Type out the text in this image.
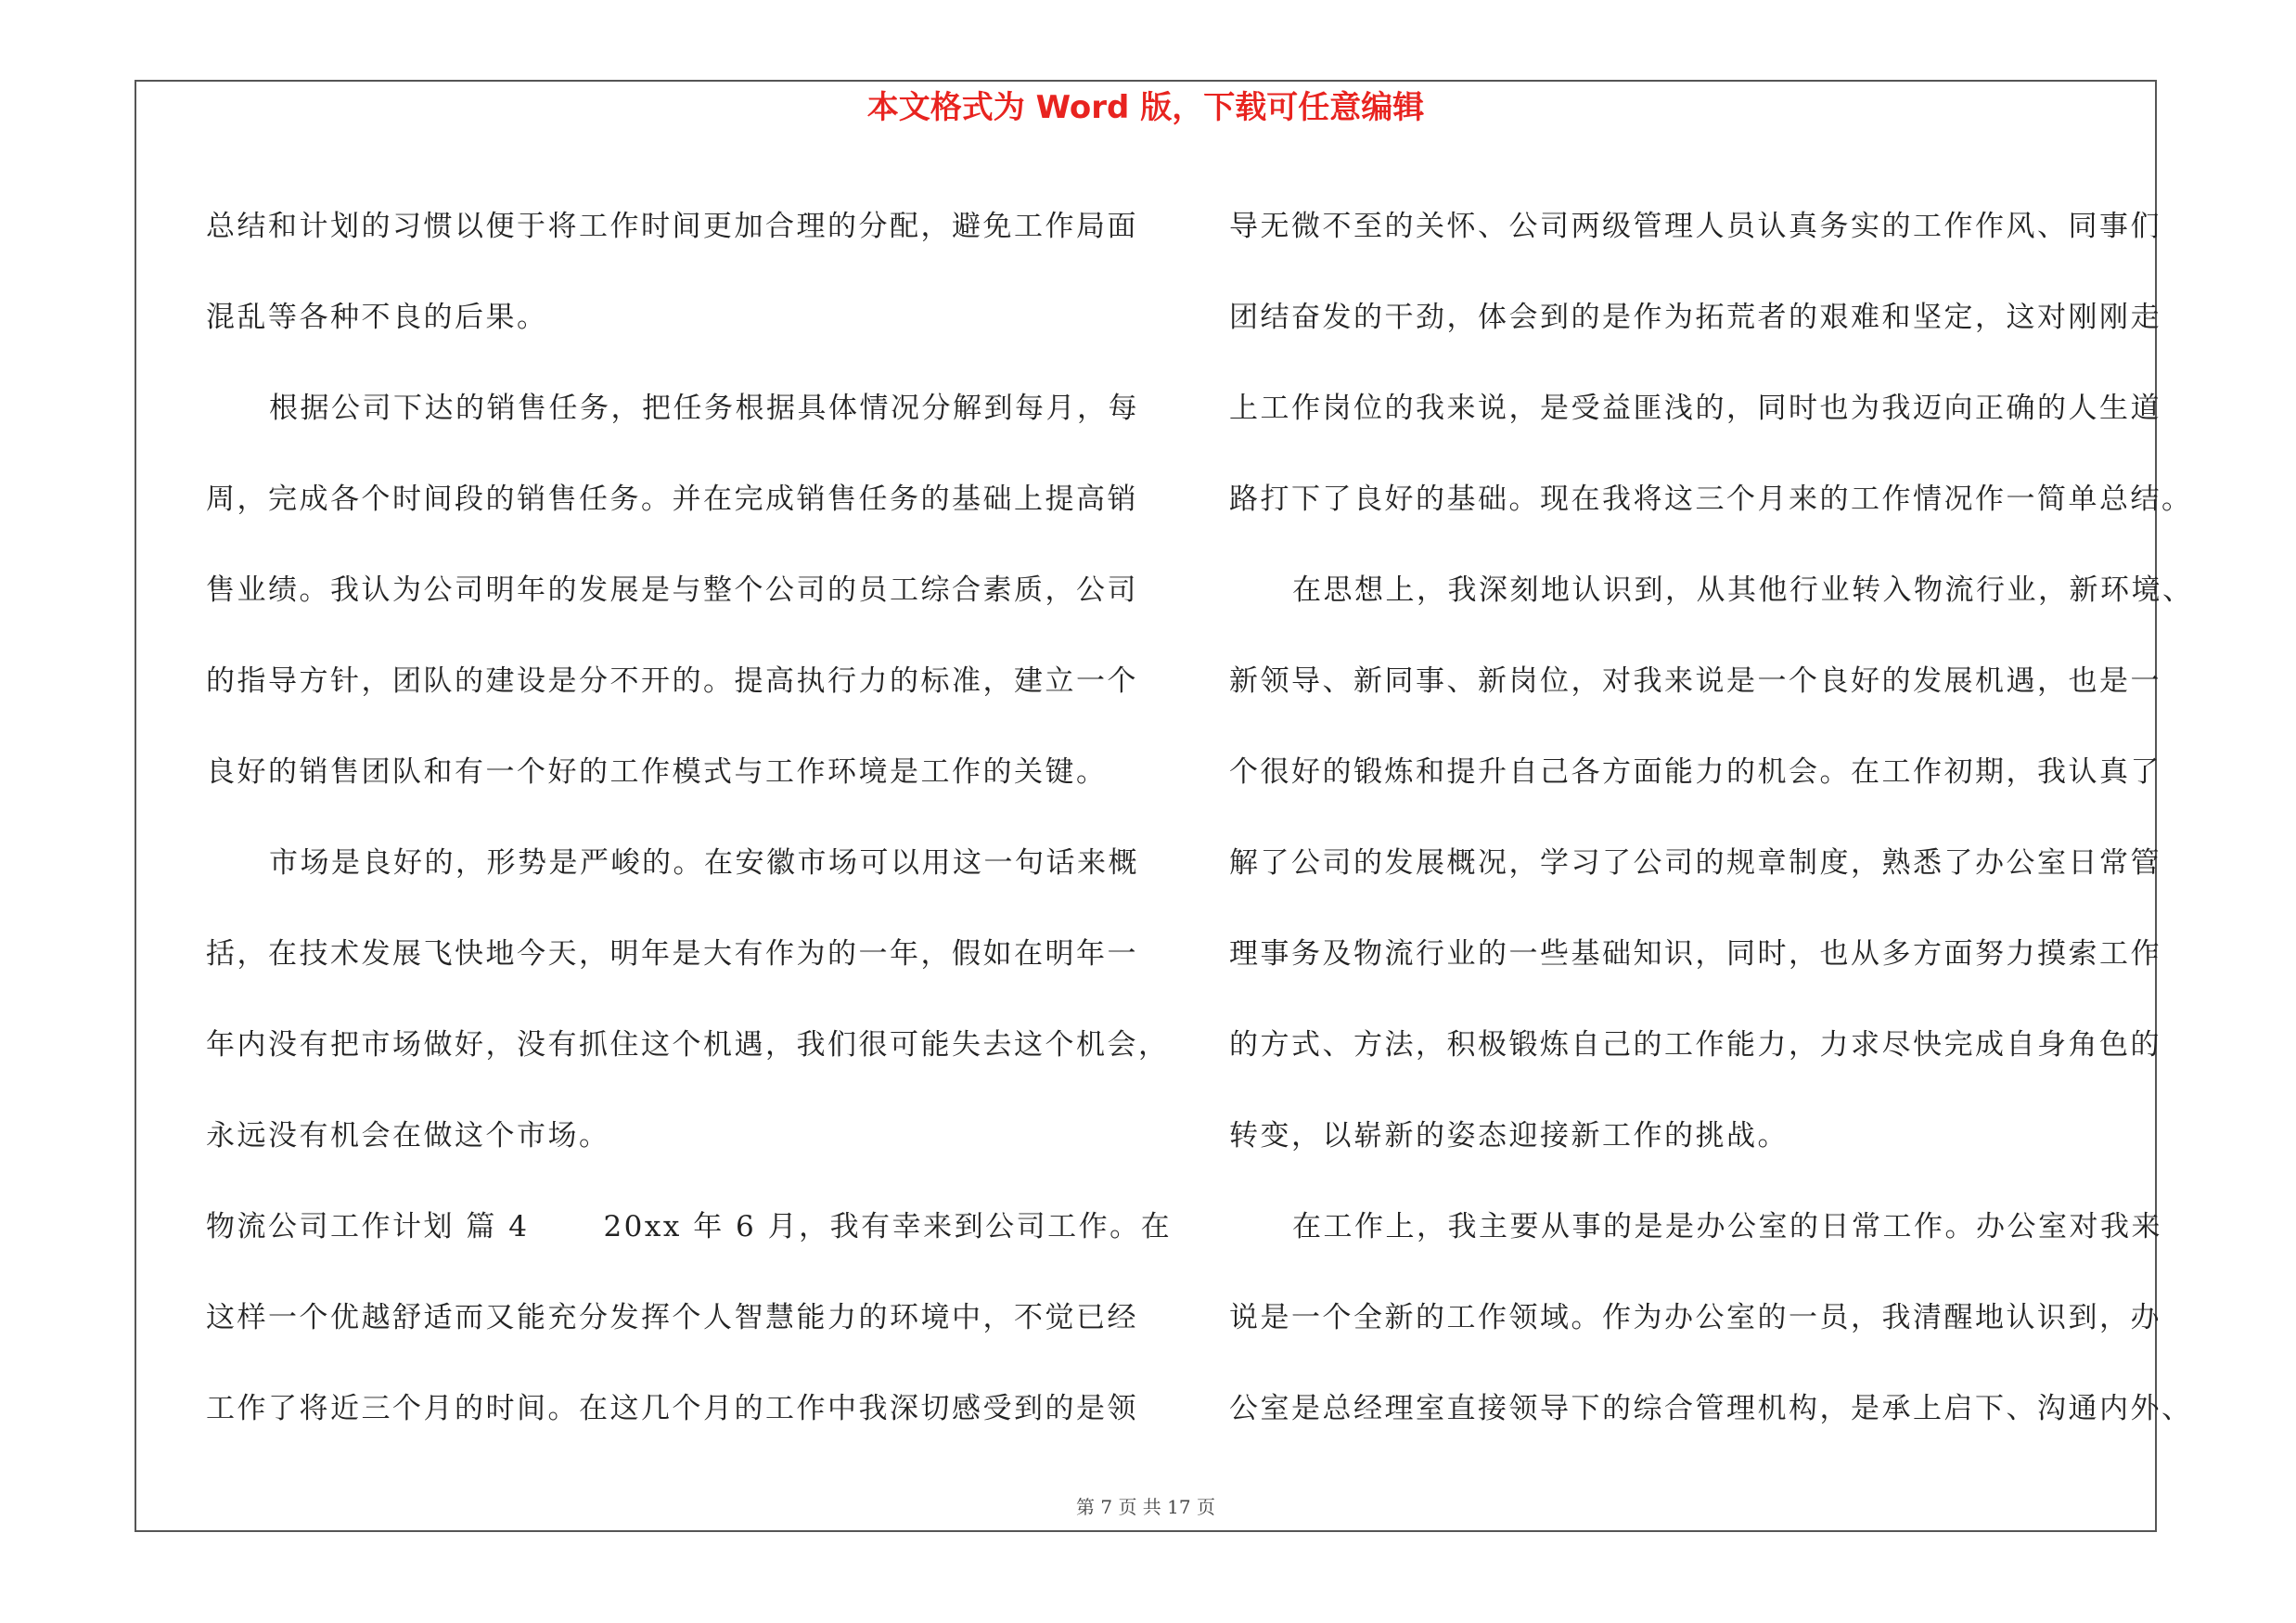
本文格式为 Word 版，下载可任意编辑
总结和计划的习惯以便于将工作时间更加合理的分配，避免工作局面
混乱等各种不良的后果。
根据公司下达的销售任务，把任务根据具体情况分解到每月，每
周，完成各个时间段的销售任务。并在完成销售任务的基础上提高销
售业绩。我认为公司明年的发展是与整个公司的员工综合素质，公司
的指导方针，团队的建设是分不开的。提高执行力的标准，建立一个
良好的销售团队和有一个好的工作模式与工作环境是工作的关键。
市场是良好的，形势是严峻的。在安徽市场可以用这一句话来概
括，在技术发展飞快地今天，明年是大有作为的一年，假如在明年一
年内没有把市场做好，没有抓住这个机遇，我们很可能失去这个机会，
永远没有机会在做这个市场。
物流公司工作计划 篇 4	20xx 年 6 月，我有幸来到公司工作。在
这样一个优越舒适而又能充分发挥个人智慧能力的环境中，不觉已经
工作了将近三个月的时间。在这几个月的工作中我深切感受到的是领
导无微不至的关怀、公司两级管理人员认真务实的工作作风、同事们
团结奋发的干劲，体会到的是作为拓荒者的艰难和坚定，这对刚刚走
上工作岗位的我来说，是受益匪浅的，同时也为我迈向正确的人生道
路打下了良好的基础。现在我将这三个月来的工作情况作一简单总结。
在思想上，我深刻地认识到，从其他行业转入物流行业，新环境、
新领导、新同事、新岗位，对我来说是一个良好的发展机遇，也是一
个很好的锻炼和提升自己各方面能力的机会。在工作初期，我认真了
解了公司的发展概况，学习了公司的规章制度，熟悉了办公室日常管
理事务及物流行业的一些基础知识，同时，也从多方面努力摸索工作
的方式、方法，积极锻炼自己的工作能力，力求尽快完成自身角色的
转变，以崭新的姿态迎接新工作的挑战。
在工作上，我主要从事的是是办公室的日常工作。办公室对我来
说是一个全新的工作领域。作为办公室的一员，我清醒地认识到，办
公室是总经理室直接领导下的综合管理机构，是承上启下、沟通内外、
第 7 页 共 17 页
